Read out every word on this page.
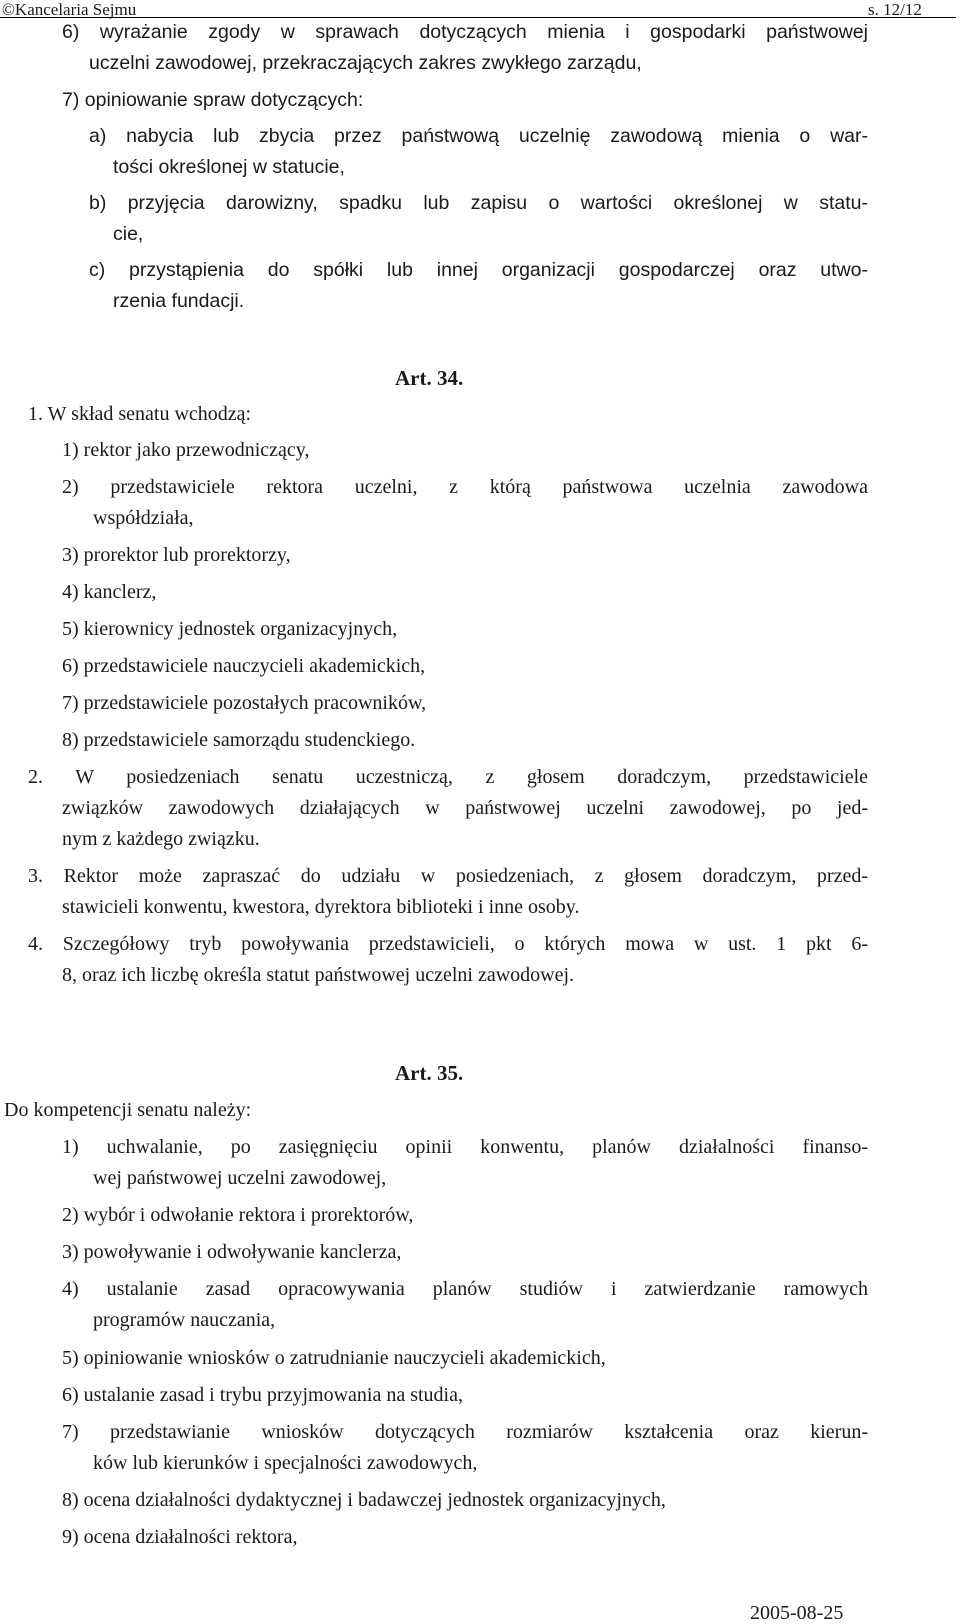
©Kancelaria Sejmu	s. 12/12
6) wyrażanie zgody w sprawach dotyczących mienia i gospodarki państwowej
uczelni zawodowej, przekraczających zakres zwykłego zarządu,
7) opiniowanie spraw dotyczących:
a) nabycia lub zbycia przez państwową uczelnię zawodową mienia o war-
tości określonej w statucie,
b) przyjęcia darowizny, spadku lub zapisu o wartości określonej w statu-
cie,
c) przystąpienia do spółki lub innej organizacji gospodarczej oraz utwo-
rzenia fundacji.
Art. 34.
1. W skład senatu wchodzą:
1) rektor jako przewodniczący,
2) przedstawiciele rektora uczelni, z którą państwowa uczelnia zawodowa
współdziała,
3) prorektor lub prorektorzy,
4) kanclerz,
5) kierownicy jednostek organizacyjnych,
6) przedstawiciele nauczycieli akademickich,
7) przedstawiciele pozostałych pracowników,
8) przedstawiciele samorządu studenckiego.
2. W posiedzeniach senatu uczestniczą, z głosem doradczym, przedstawiciele
związków zawodowych działających w państwowej uczelni zawodowej, po jed-
nym z każdego związku.
3. Rektor może zapraszać do udziału w posiedzeniach, z głosem doradczym, przed-
stawicieli konwentu, kwestora, dyrektora biblioteki i inne osoby.
4. Szczegółowy tryb powoływania przedstawicieli, o których mowa w ust. 1 pkt 6-
8, oraz ich liczbę określa statut państwowej uczelni zawodowej.
Art. 35.
Do kompetencji senatu należy:
1) uchwalanie, po zasięgnięciu opinii konwentu, planów działalności finanso-
wej państwowej uczelni zawodowej,
2) wybór i odwołanie rektora i prorektorów,
3) powoływanie i odwoływanie kanclerza,
4) ustalanie zasad opracowywania planów studiów i zatwierdzanie ramowych
programów nauczania,
5) opiniowanie wniosków o zatrudnianie nauczycieli akademickich,
6) ustalanie zasad i trybu przyjmowania na studia,
7) przedstawianie wniosków dotyczących rozmiarów kształcenia oraz kierun-
ków lub kierunków i specjalności zawodowych,
8) ocena działalności dydaktycznej i badawczej jednostek organizacyjnych,
9) ocena działalności rektora,
2005-08-25
